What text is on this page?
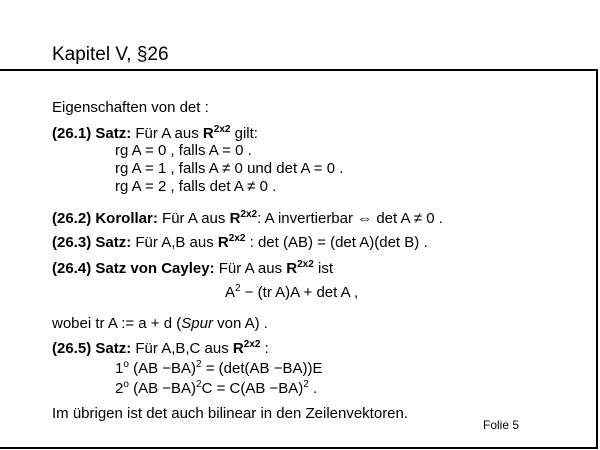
Kapitel V, §26
Eigenschaften von det :
(26.1) Satz: Für A aus $R^{2x2}$ gilt:
rg A = 0 , falls A = 0 .
rg A = 1 , falls A ≠ 0 und det A = 0 .
rg A = 2 , falls det A ≠ 0 .
(26.2) Korollar: Für A aus $R^{2x2}$: A invertierbar ⇔ det A ≠ 0 .
(26.3) Satz: Für A,B aus $R^{2x2}$ : det (AB) = (det A)(det B) .
(26.4) Satz von Cayley: Für A aus $R^{2x2}$ ist
$A^2 - (tr$ A)A + det A ,
wobei tr A := a + d (Spur von A) .
(26.5) Satz: Für A,B,C aus $R^{2x2}$ :
1$^o$ (AB −BA)$^2$ = (det(AB −BA))E
2$^o$ (AB −BA)$^2$C = C(AB −BA)$^2$ .
Im übrigen ist det auch bilinear in den Zeilenvektoren.
Folie 5
